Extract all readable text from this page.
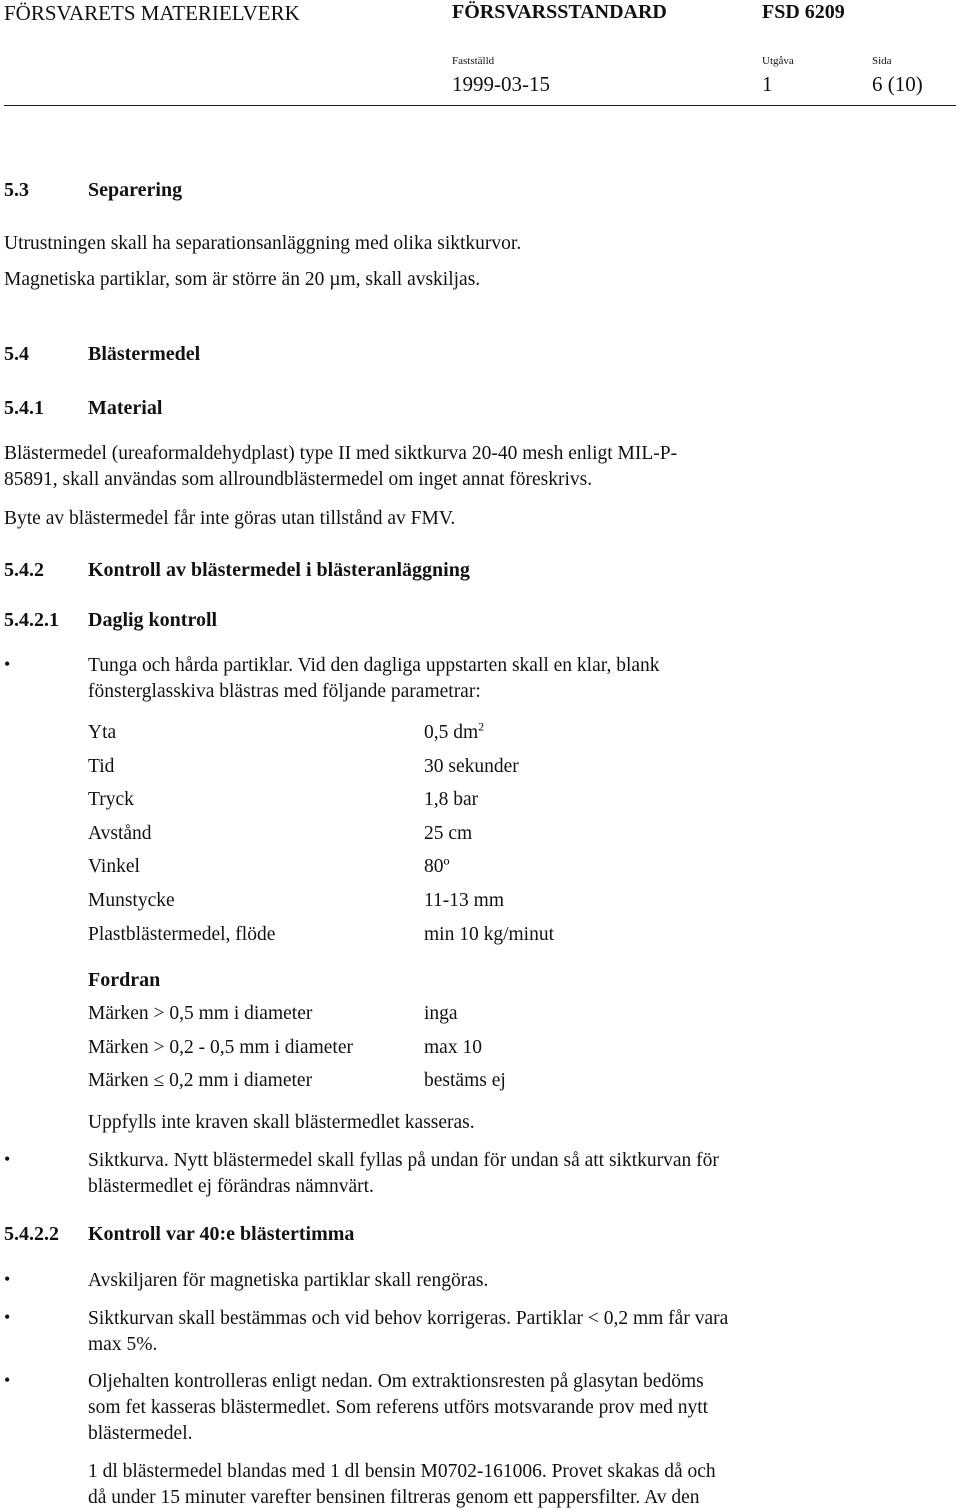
FÖRSVARETS MATERIELVERK	FÖRSVARSSTANDARD	FSD 6209
Fastställd	Utgåva	Sida
1999-03-15	1	6 (10)
5.3	Separering
Utrustningen skall ha separationsanläggning med olika siktkurvor.
Magnetiska partiklar, som är större än 20 µm, skall avskiljas.
5.4	Blästermedel
5.4.1 Material
Blästermedel (ureaformaldehydplast) type II med siktkurva 20-40 mesh enligt MIL-P-
85891, skall användas som allroundblästermedel om inget annat föreskrivs.
Byte av blästermedel får inte göras utan tillstånd av FMV.
5.4.2 Kontroll av blästermedel i blästeranläggning
5.4.2.1 Daglig kontroll
•	Tunga och hårda partiklar. Vid den dagliga uppstarten skall en klar, blank
fönsterglasskiva blästras med följande parametrar:
Yta	0,5 $dm^2$
Tid	30 sekunder
Tryck	1,8 bar
Avstånd	25 cm
Vinkel	80º
Munstycke	11-13 mm
Plastblästermedel, flöde	min 10 kg/minut
Fordran
Märken > 0,5 mm i diameter	inga
Märken > 0,2 - 0,5 mm i diameter	max 10
Märken ≤ 0,2 mm i diameter	bestäms ej
Uppfylls inte kraven skall blästermedlet kasseras.
•	Siktkurva. Nytt blästermedel skall fyllas på undan för undan så att siktkurvan för
blästermedlet ej förändras nämnvärt.
5.4.2.2 Kontroll var 40:e blästertimma
•	Avskiljaren för magnetiska partiklar skall rengöras.
•	Siktkurvan skall bestämmas och vid behov korrigeras. Partiklar < 0,2 mm får vara
max 5%.
•	Oljehalten kontrolleras enligt nedan. Om extraktionsresten på glasytan bedöms
som fet kasseras blästermedlet. Som referens utförs motsvarande prov med nytt
blästermedel.
1 dl blästermedel blandas med 1 dl bensin M0702-161006. Provet skakas då och
då under 15 minuter varefter bensinen filtreras genom ett pappersfilter. Av den
